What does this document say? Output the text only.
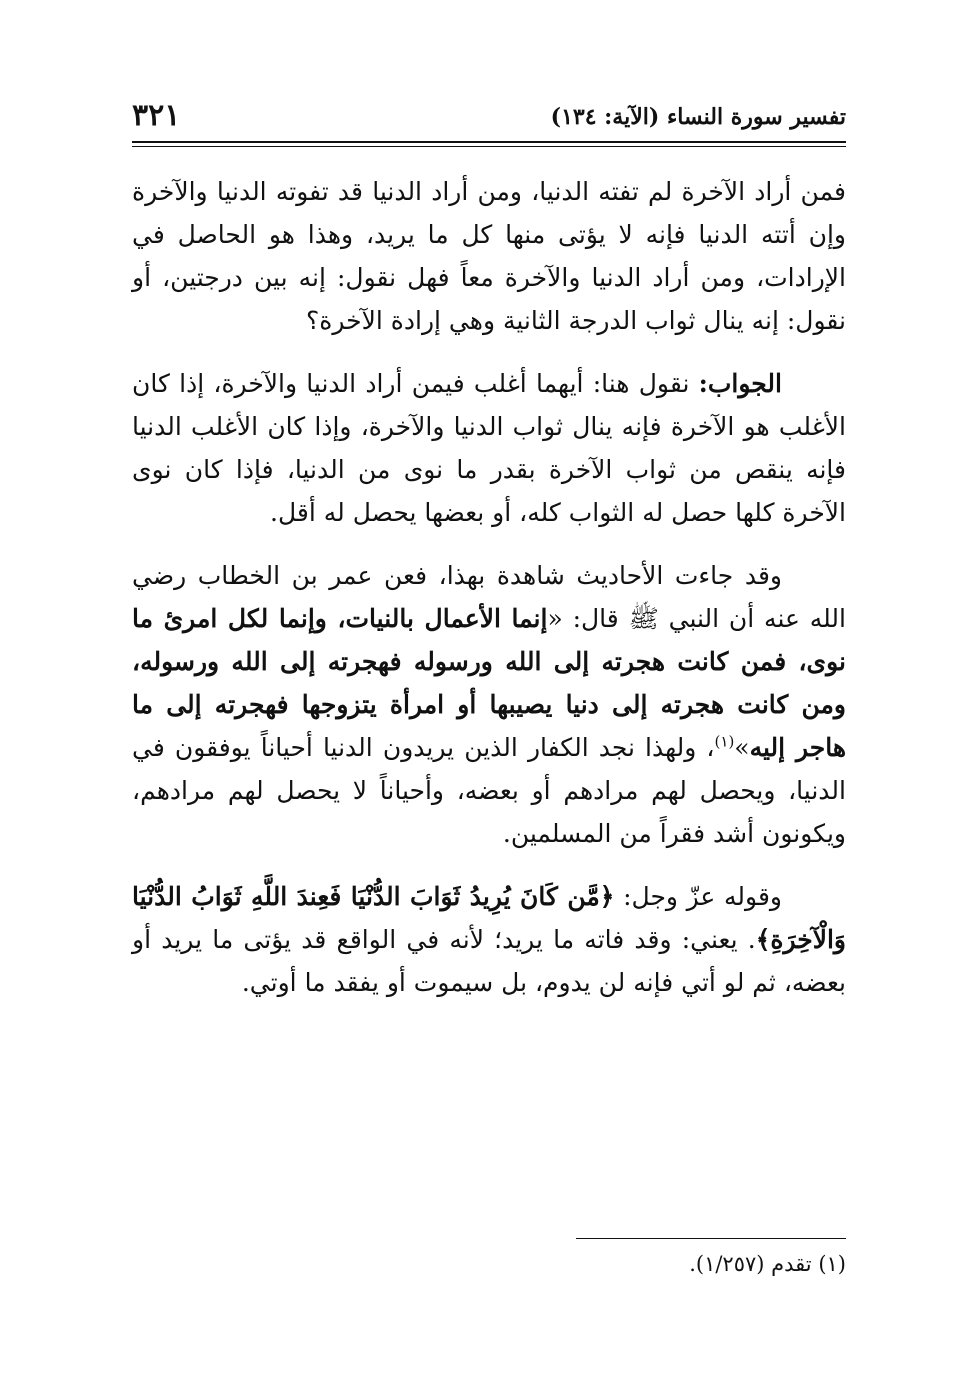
تفسير سورة النساء (الآية: ١٣٤)
٣٢١

فمن أراد الآخرة لم تفته الدنيا، ومن أراد الدنيا قد تفوته الدنيا والآخرة وإن أتته الدنيا فإنه لا يؤتى منها كل ما يريد، وهذا هو الحاصل في الإرادات، ومن أراد الدنيا والآخرة معاً فهل نقول: إنه بين درجتين، أو نقول: إنه ينال ثواب الدرجة الثانية وهي إرادة الآخرة؟

الجواب: نقول هنا: أيهما أغلب فيمن أراد الدنيا والآخرة، إذا كان الأغلب هو الآخرة فإنه ينال ثواب الدنيا والآخرة، وإذا كان الأغلب الدنيا فإنه ينقص من ثواب الآخرة بقدر ما نوى من الدنيا، فإذا كان نوى الآخرة كلها حصل له الثواب كله، أو بعضها يحصل له أقل.

وقد جاءت الأحاديث شاهدة بهذا، فعن عمر بن الخطاب رضي الله عنه أن النبي ﷺ قال: «إنما الأعمال بالنيات، وإنما لكل امرئ ما نوى، فمن كانت هجرته إلى الله ورسوله فهجرته إلى الله ورسوله، ومن كانت هجرته إلى دنيا يصيبها أو امرأة يتزوجها فهجرته إلى ما هاجر إليه»$^{(١)}$، ولهذا نجد الكفار الذين يريدون الدنيا أحياناً يوفقون في الدنيا، ويحصل لهم مرادهم أو بعضه، وأحياناً لا يحصل لهم مرادهم، ويكونون أشد فقراً من المسلمين.

وقوله عزّ وجل: ﴿مَّن كَانَ يُرِيدُ ثَوَابَ الدُّنْيَا فَعِندَ اللَّهِ ثَوَابُ الدُّنْيَا وَالْآخِرَةِ﴾. يعني: وقد فاته ما يريد؛ لأنه في الواقع قد يؤتى ما يريد أو بعضه، ثم لو أتي فإنه لن يدوم، بل سيموت أو يفقد ما أوتي.

(١) تقدم (١/٢٥٧).
